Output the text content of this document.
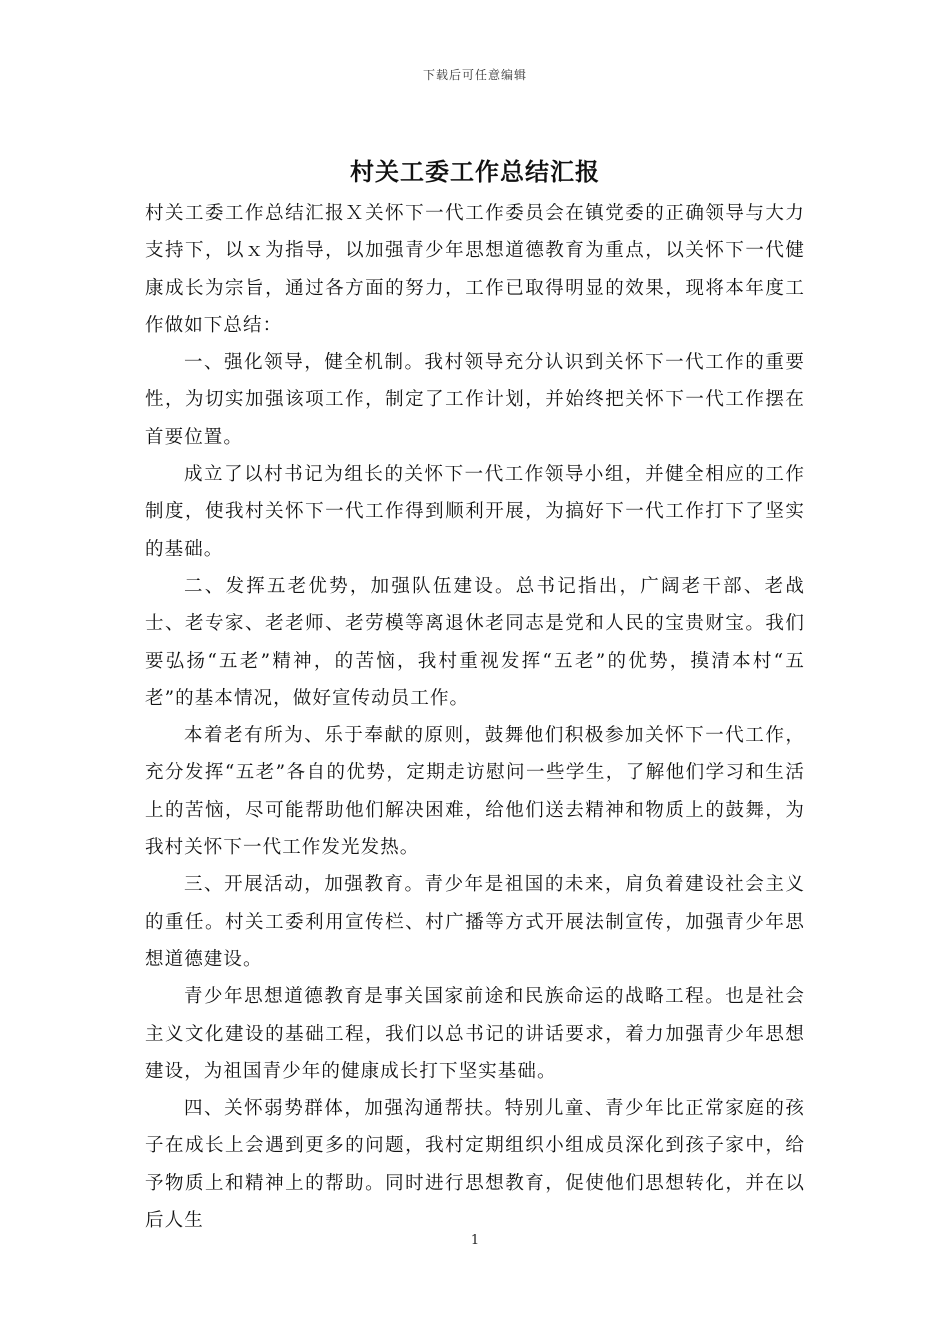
下载后可任意编辑
村关工委工作总结汇报

村关工委工作总结汇报Ｘ关怀下一代工作委员会在镇党委的正确领导与大力支持下，以ｘ为指导，以加强青少年思想道德教育为重点，以关怀下一代健康成长为宗旨，通过各方面的努力，工作已取得明显的效果，现将本年度工作做如下总结：

一、强化领导，健全机制。我村领导充分认识到关怀下一代工作的重要性，为切实加强该项工作，制定了工作计划，并始终把关怀下一代工作摆在首要位置。

成立了以村书记为组长的关怀下一代工作领导小组，并健全相应的工作制度，使我村关怀下一代工作得到顺利开展，为搞好下一代工作打下了坚实的基础。

二、发挥五老优势，加强队伍建设。总书记指出，广阔老干部、老战士、老专家、老老师、老劳模等离退休老同志是党和人民的宝贵财宝。我们要弘扬“五老”精神，的苦恼，我村重视发挥“五老”的优势，摸清本村“五老”的基本情况，做好宣传动员工作。

本着老有所为、乐于奉献的原则，鼓舞他们积极参加关怀下一代工作，充分发挥“五老”各自的优势，定期走访慰问一些学生，了解他们学习和生活上的苦恼，尽可能帮助他们解决困难，给他们送去精神和物质上的鼓舞，为我村关怀下一代工作发光发热。

三、开展活动，加强教育。青少年是祖国的未来，肩负着建设社会主义的重任。村关工委利用宣传栏、村广播等方式开展法制宣传，加强青少年思想道德建设。

青少年思想道德教育是事关国家前途和民族命运的战略工程。也是社会主义文化建设的基础工程，我们以总书记的讲话要求，着力加强青少年思想建设，为祖国青少年的健康成长打下坚实基础。

四、关怀弱势群体，加强沟通帮扶。特别儿童、青少年比正常家庭的孩子在成长上会遇到更多的问题，我村定期组织小组成员深化到孩子家中，给予物质上和精神上的帮助。同时进行思想教育，促使他们思想转化，并在以后人生

1
